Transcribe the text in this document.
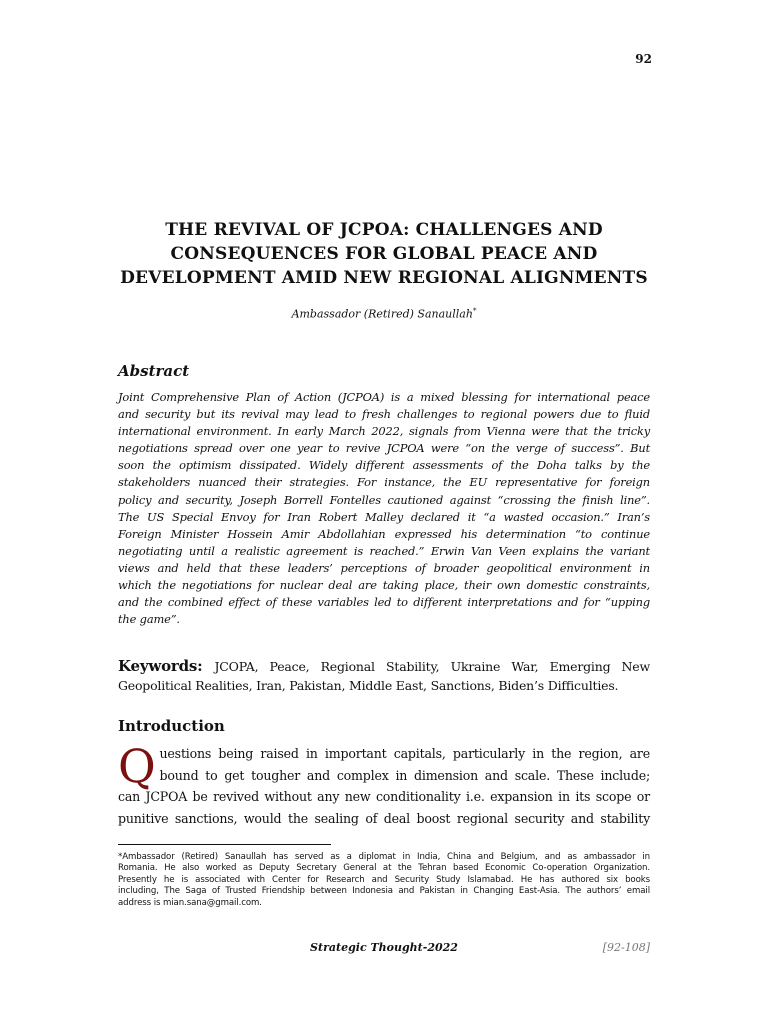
92
THE REVIVAL OF JCPOA: CHALLENGES AND
CONSEQUENCES FOR GLOBAL PEACE AND
DEVELOPMENT AMID NEW REGIONAL ALIGNMENTS
Ambassador (Retired) Sanaullah*
Abstract
Joint Comprehensive Plan of Action (JCPOA) is a mixed blessing for international peace
and security but its revival may lead to fresh challenges to regional powers due to fluid
international environment. In early March 2022, signals from Vienna were that the tricky
negotiations spread over one year to revive JCPOA were “on the verge of success”. But
soon the optimism dissipated. Widely different assessments of the Doha talks by the
stakeholders nuanced their strategies. For instance, the EU representative for foreign
policy and security, Joseph Borrell Fontelles cautioned against “crossing the finish line”.
The US Special Envoy for Iran Robert Malley declared it “a wasted occasion.” Iran’s
Foreign Minister Hossein Amir Abdollahian expressed his determination “to continue
negotiating until a realistic agreement is reached.” Erwin Van Veen explains the variant
views and held that these leaders’ perceptions of broader geopolitical environment in
which the negotiations for nuclear deal are taking place, their own domestic constraints,
and the combined effect of these variables led to different interpretations and for “upping
the game”.
Keywords: JCOPA, Peace, Regional Stability, Ukraine War, Emerging New
Geopolitical Realities, Iran, Pakistan, Middle East, Sanctions, Biden’s Difficulties.
Introduction
Q uestions being raised in important capitals, particularly in the region, are
bound to get tougher and complex in dimension and scale. These include;
can JCPOA be revived without any new conditionality i.e. expansion in its scope or
punitive sanctions, would the sealing of deal boost regional security and stability
*Ambassador (Retired) Sanaullah has served as a diplomat in India, China and Belgium, and as ambassador in
Romania. He also worked as Deputy Secretary General at the Tehran based Economic Co-operation Organization.
Presently he is associated with Center for Research and Security Study Islamabad. He has authored six books
including, The Saga of Trusted Friendship between Indonesia and Pakistan in Changing East-Asia. The authors’ email
address is mian.sana@gmail.com.
Strategic Thought-2022	[92-108]
